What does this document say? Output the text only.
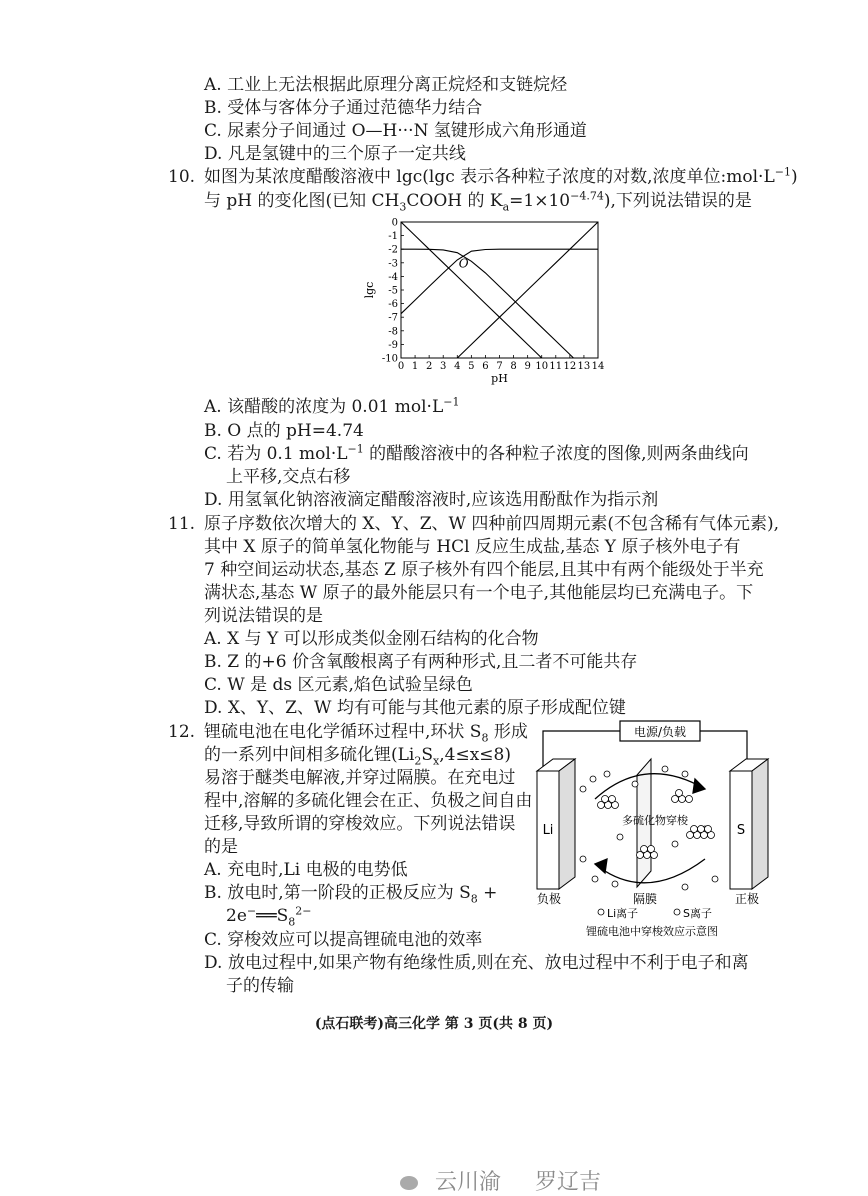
A. 工业上无法根据此原理分离正烷烃和支链烷烃
B. 受体与客体分子通过范德华力结合
C. 尿素分子间通过 O—H···N 氢键形成六角形通道
D. 凡是氢键中的三个原子一定共线
10. 如图为某浓度醋酸溶液中 lgc(lgc 表示各种粒子浓度的对数,浓度单位$:mol\cdot L^{-1}$)
与 pH 的变化图(已知 $CH_3COOH$ 的 $K_a=1\times 10^{-4.74}$),下列说法错误的是
0 1 2 3 4 5 6 7 8 9 10 11 12 13 14
0
-1
-2
-3
-4
-5
-6
-7
-8
-9
-10
pH
lgc
O
A. 该醋酸的浓度为 0.01 $mol\cdot L^{-1}$
B. O 点的 pH=4.74
C. 若为 0.1 $mol\cdot L^{-1}$ 的醋酸溶液中的各种粒子浓度的图像,则两条曲线向
上平移,交点右移
D. 用氢氧化钠溶液滴定醋酸溶液时,应该选用酚酞作为指示剂
11. 原子序数依次增大的 X、Y、Z、W 四种前四周期元素(不包含稀有气体元素),
其中 X 原子的简单氢化物能与 HCl 反应生成盐,基态 Y 原子核外电子有
7 种空间运动状态,基态 Z 原子核外有四个能层,且其中有两个能级处于半充
满状态,基态 W 原子的最外能层只有一个电子,其他能层均已充满电子。下
列说法错误的是
A. X 与 Y 可以形成类似金刚石结构的化合物
B. Z 的+6 价含氧酸根离子有两种形式,且二者不可能共存
C. W 是 ds 区元素,焰色试验呈绿色
D. X、Y、Z、W 均有可能与其他元素的原子形成配位键
12. 锂硫电池在电化学循环过程中,环状 $S_8$ 形成
的一系列中间相多硫化锂$(Li_2S_x,4\le x\le 8)$
易溶于醚类电解液,并穿过隔膜。在充电过
程中,溶解的多硫化锂会在正、负极之间自由
迁移,导致所谓的穿梭效应。下列说法错误
的是
A. 充电时,Li 电极的电势低
B. 放电时,第一阶段的正极反应为 $S_8$ +
$2e^-══S_8^{2-}$
C. 穿梭效应可以提高锂硫电池的效率
D. 放电过程中,如果产物有绝缘性质,则在充、放电过程中不利于电子和离
子的传输
电源/负载
Li	S
多硫化物穿梭
负极	隔膜	正极
Li离子	S离子
锂硫电池中穿梭效应示意图
(点石联考)高三化学 第 3 页(共 8 页)
云川渝 罗辽吉
